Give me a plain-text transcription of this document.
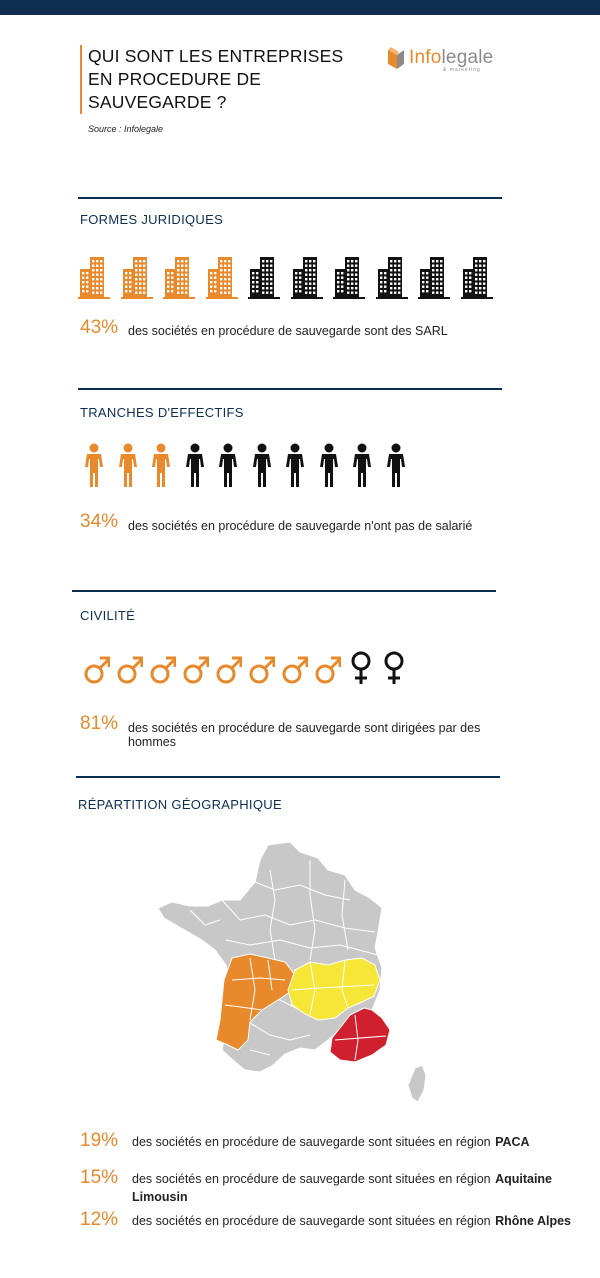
QUI SONT LES ENTREPRISES
EN PROCEDURE DE
SAUVEGARDE ?
Source : Infolegale
Infolegale
& marketing
FORMES JURIDIQUES
43% des sociétés en procédure de sauvegarde sont des SARL
TRANCHES D'EFFECTIFS
34% des sociétés en procédure de sauvegarde n'ont pas de salarié
CIVILITÉ
81% des sociétés en procédure de sauvegarde sont dirigées par des
hommes
RÉPARTITION GÉOGRAPHIQUE
19% des sociétés en procédure de sauvegarde sont situées en région PACA
15% des sociétés en procédure de sauvegarde sont situées en région Aquitaine Limousin
12% des sociétés en procédure de sauvegarde sont situées en région Rhône Alpes
